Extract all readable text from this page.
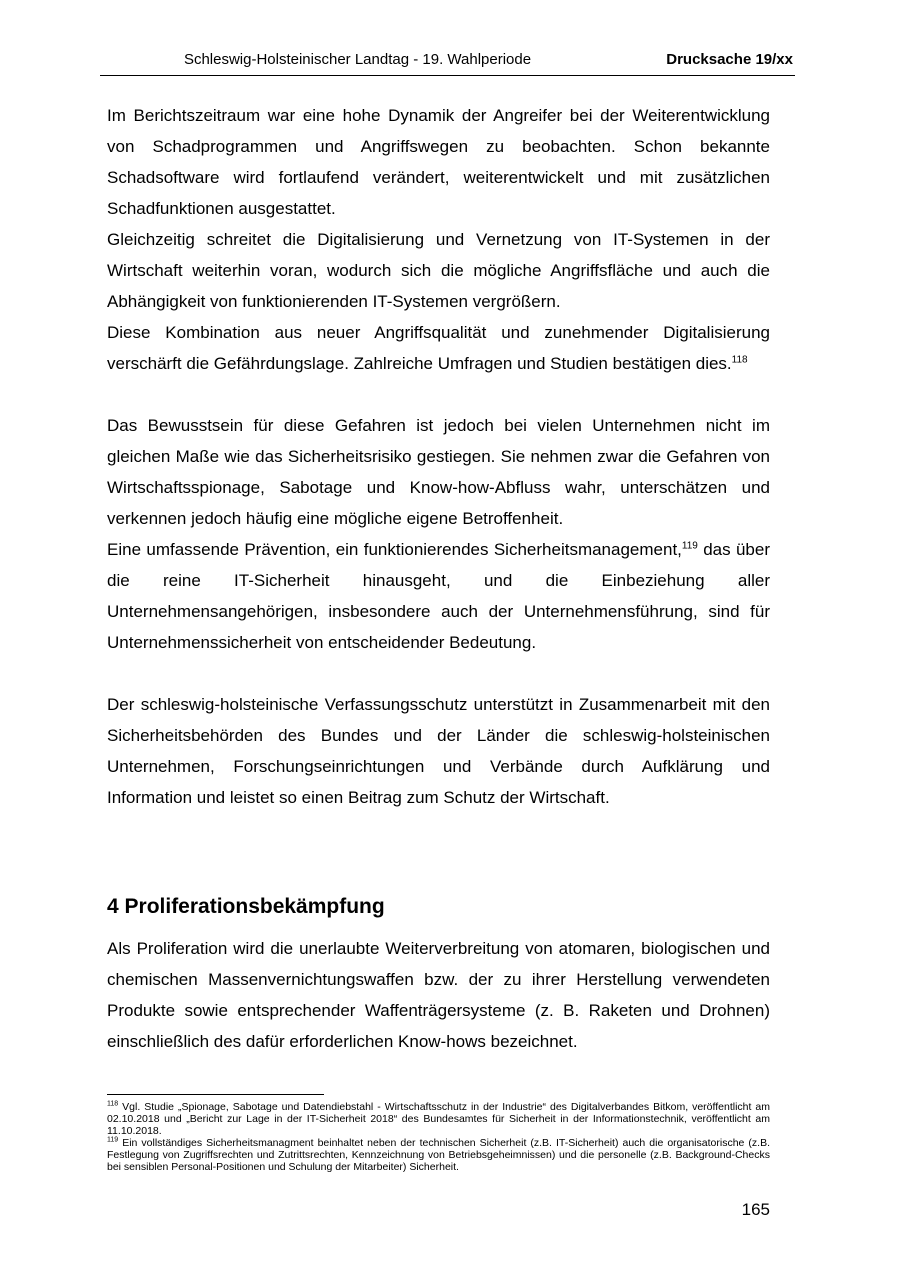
Schleswig-Holsteinischer Landtag - 19. Wahlperiode	Drucksache 19/xx

Im Berichtszeitraum war eine hohe Dynamik der Angreifer bei der Weiterentwicklung von Schadprogrammen und Angriffswegen zu beobachten. Schon bekannte Schadsoftware wird fortlaufend verändert, weiterentwickelt und mit zusätzlichen Schadfunktionen ausgestattet.

Gleichzeitig schreitet die Digitalisierung und Vernetzung von IT-Systemen in der Wirtschaft weiterhin voran, wodurch sich die mögliche Angriffsfläche und auch die Abhängigkeit von funktionierenden IT-Systemen vergrößern.

Diese Kombination aus neuer Angriffsqualität und zunehmender Digitalisierung verschärft die Gefährdungslage. Zahlreiche Umfragen und Studien bestätigen dies.$^{118}$

Das Bewusstsein für diese Gefahren ist jedoch bei vielen Unternehmen nicht im gleichen Maße wie das Sicherheitsrisiko gestiegen. Sie nehmen zwar die Gefahren von Wirtschaftsspionage, Sabotage und Know-how-Abfluss wahr, unterschätzen und verkennen jedoch häufig eine mögliche eigene Betroffenheit.

Eine umfassende Prävention, ein funktionierendes Sicherheitsmanagement,$^{119}$ das über die reine IT-Sicherheit hinausgeht, und die Einbeziehung aller Unternehmensangehörigen, insbesondere auch der Unternehmensführung, sind für Unternehmenssicherheit von entscheidender Bedeutung.

Der schleswig-holsteinische Verfassungsschutz unterstützt in Zusammenarbeit mit den Sicherheitsbehörden des Bundes und der Länder die schleswig-holsteinischen Unternehmen, Forschungseinrichtungen und Verbände durch Aufklärung und Information und leistet so einen Beitrag zum Schutz der Wirtschaft.

4 Proliferationsbekämpfung

Als Proliferation wird die unerlaubte Weiterverbreitung von atomaren, biologischen und chemischen Massenvernichtungswaffen bzw. der zu ihrer Herstellung verwendeten Produkte sowie entsprechender Waffenträgersysteme (z. B. Raketen und Drohnen) einschließlich des dafür erforderlichen Know-hows bezeichnet.

$^{118}$ Vgl. Studie „Spionage, Sabotage und Datendiebstahl - Wirtschaftsschutz in der Industrie“ des Digitalverbandes Bitkom, veröffentlicht am 02.10.2018 und „Bericht zur Lage in der IT-Sicherheit 2018“ des Bundesamtes für Sicherheit in der Informationstechnik, veröffentlicht am 11.10.2018.

$^{119}$ Ein vollständiges Sicherheitsmanagment beinhaltet neben der technischen Sicherheit (z.B. IT-Sicherheit) auch die organisatorische (z.B. Festlegung von Zugriffsrechten und Zutrittsrechten, Kennzeichnung von Betriebsgeheimnissen) und die personelle (z.B. Background-Checks bei sensiblen Personal-Positionen und Schulung der Mitarbeiter) Sicherheit.

165
